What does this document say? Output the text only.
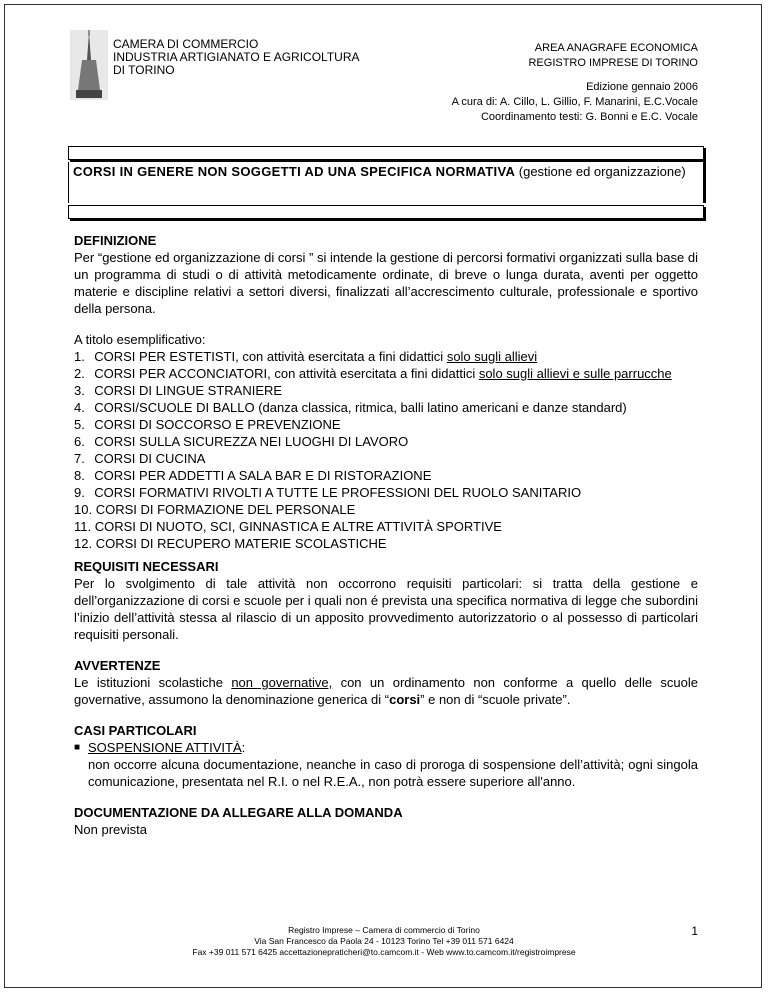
CAMERA DI COMMERCIO
INDUSTRIA ARTIGIANATO E AGRICOLTURA
DI TORINO
AREA ANAGRAFE ECONOMICA
REGISTRO IMPRESE DI TORINO
Edizione gennaio 2006
A cura di: A. Cillo, L. Gillio, F. Manarini, E.C.Vocale
Coordinamento testi: G. Bonni e E.C. Vocale
CORSI IN GENERE NON SOGGETTI AD UNA SPECIFICA NORMATIVA (gestione ed organizzazione)
DEFINIZIONE

Per “gestione ed organizzazione di corsi ” si intende la gestione di percorsi formativi organizzati sulla base di un programma di studi o di attività metodicamente ordinate, di breve o lunga durata, aventi per oggetto materie e discipline relativi a settori diversi, finalizzati all’accrescimento culturale, professionale e sportivo della persona.

A titolo esemplificativo:

1.
CORSI PER ESTETISTI, con attività esercitata a fini didattici solo sugli allievi
2.
CORSI PER ACCONCIATORI, con attività esercitata a fini didattici solo sugli allievi e sulle parrucche
3.
CORSI DI LINGUE STRANIERE
4.
CORSI/SCUOLE DI BALLO (danza classica, ritmica, balli latino americani e danze standard)
5.
CORSI DI SOCCORSO E PREVENZIONE
6.
CORSI SULLA SICUREZZA NEI LUOGHI DI LAVORO
7.
CORSI DI CUCINA
8.
CORSI PER ADDETTI A SALA BAR E DI RISTORAZIONE
9.
CORSI FORMATIVI RIVOLTI A TUTTE LE PROFESSIONI DEL RUOLO SANITARIO
10.
CORSI DI FORMAZIONE DEL PERSONALE
11.
CORSI DI NUOTO, SCI, GINNASTICA E ALTRE ATTIVITÀ SPORTIVE
12.
CORSI DI RECUPERO MATERIE SCOLASTICHE
REQUISITI NECESSARI

Per lo svolgimento di tale attività non occorrono requisiti particolari: si tratta della gestione e dell’organizzazione di corsi e scuole per i quali non é prevista una specifica normativa di legge che subordini l’inizio dell’attività stessa al rilascio di un apposito provvedimento autorizzatorio o al possesso di particolari requisiti personali.

AVVERTENZE

Le istituzioni scolastiche non governative, con un ordinamento non conforme a quello delle scuole governative, assumono la denominazione generica di “corsi” e non di “scuole private”.

CASI PARTICOLARI
■ SOSPENSIONE ATTIVITÀ:

non occorre alcuna documentazione, neanche in caso di proroga di sospensione dell’attività; ogni singola comunicazione, presentata nel R.I. o nel R.E.A., non potrà essere superiore all'anno.

DOCUMENTAZIONE DA ALLEGARE ALLA DOMANDA

Non prevista

Registro Imprese – Camera di commercio di Torino
Via San Francesco da Paola 24 - 10123 Torino Tel +39 011 571 6424
Fax +39 011 571 6425 accettazionepraticheri@to.camcom.it - Web www.to.camcom.it/registroimprese
1
